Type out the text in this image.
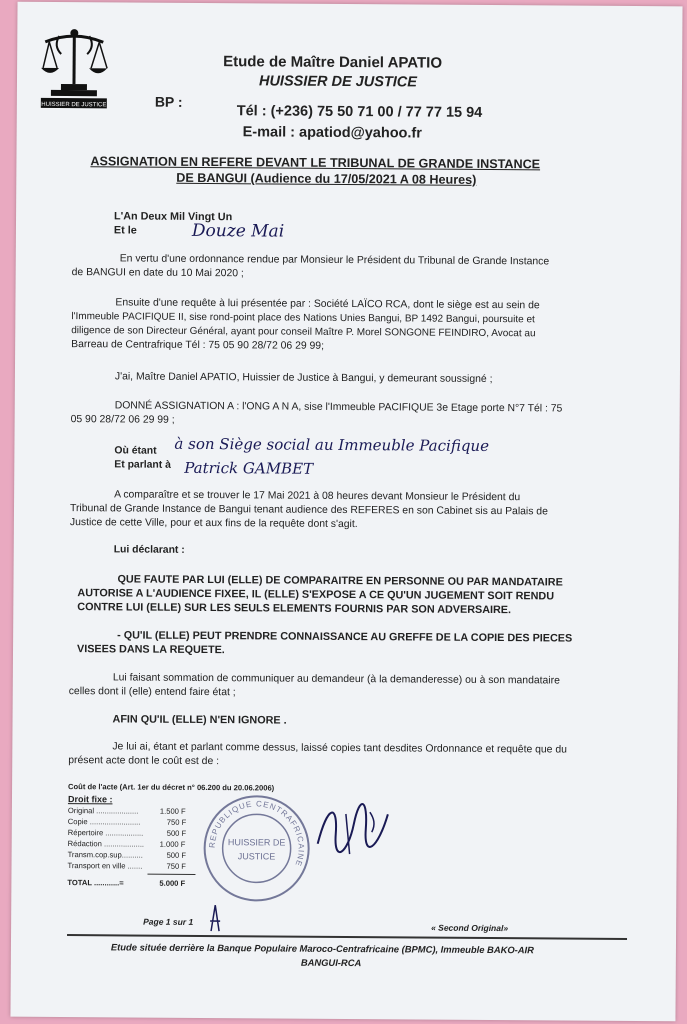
HUISSIER DE JUSTICE
Etude de Maître Daniel APATIO
HUISSIER DE JUSTICE
BP :
Tél : (+236) 75 50 71 00 / 77 77 15 94
E-mail : apatiod@yahoo.fr
ASSIGNATION EN REFERE DEVANT LE TRIBUNAL DE GRANDE INSTANCE
DE BANGUI (Audience du 17/05/2021 A 08 Heures)
L'An Deux Mil Vingt Un
Et le	Douze Mai
En vertu d'une ordonnance rendue par Monsieur le Président du Tribunal de Grande Instance
de BANGUI en date du 10 Mai 2020 ;
Ensuite d'une requête à lui présentée par : Société LAÏCO RCA, dont le siège est au sein de
l'Immeuble PACIFIQUE II, sise rond-point place des Nations Unies Bangui, BP 1492 Bangui, poursuite et
diligence de son Directeur Général, ayant pour conseil Maître P. Morel SONGONE FEINDIRO, Avocat au
Barreau de Centrafrique Tél : 75 05 90 28/72 06 29 99;
J'ai, Maître Daniel APATIO, Huissier de Justice à Bangui, y demeurant soussigné ;
DONNÉ ASSIGNATION A : l'ONG A N A, sise l'Immeuble PACIFIQUE 3e Etage porte N°7 Tél : 75
05 90 28/72 06 29 99 ;
Où étant à son Siège social au Immeuble Pacifique
Et parlant à Patrick GAMBET
A comparaître et se trouver le 17 Mai 2021 à 08 heures devant Monsieur le Président du
Tribunal de Grande Instance de Bangui tenant audience des REFERES en son Cabinet sis au Palais de
Justice de cette Ville, pour et aux fins de la requête dont s'agit.
Lui déclarant :
QUE FAUTE PAR LUI (ELLE) DE COMPARAITRE EN PERSONNE OU PAR MANDATAIRE
AUTORISE A L'AUDIENCE FIXEE, IL (ELLE) S'EXPOSE A CE QU'UN JUGEMENT SOIT RENDU
CONTRE LUI (ELLE) SUR LES SEULS ELEMENTS FOURNIS PAR SON ADVERSAIRE.
- QU'IL (ELLE) PEUT PRENDRE CONNAISSANCE AU GREFFE DE LA COPIE DES PIECES
VISEES DANS LA REQUETE.
Lui faisant sommation de communiquer au demandeur (à la demanderesse) ou à son mandataire
celles dont il (elle) entend faire état ;
AFIN QU'IL (ELLE) N'EN IGNORE .
Je lui ai, étant et parlant comme dessus, laissé copies tant desdites Ordonnance et requête que du
présent acte dont le coût est de :
Coût de l'acte (Art. 1er du décret n° 06.200 du 20.06.2006)
Droit fixe :
Original ....................	1.500 F
Copie ........................	750 F
Répertoire ..................	500 F
Rédaction ................... 1.000 F
Transm.cop.sup..........	500 F
Transport en ville .......	750 F
TOTAL ............=	5.000 F
REPUBLIQUE CENTRAFRICAINE
HUISSIER DE
JUSTICE
Page 1 sur 1
« Second Original»
Etude située derrière la Banque Populaire Maroco-Centrafricaine (BPMC), Immeuble BAKO-AIR
BANGUI-RCA
